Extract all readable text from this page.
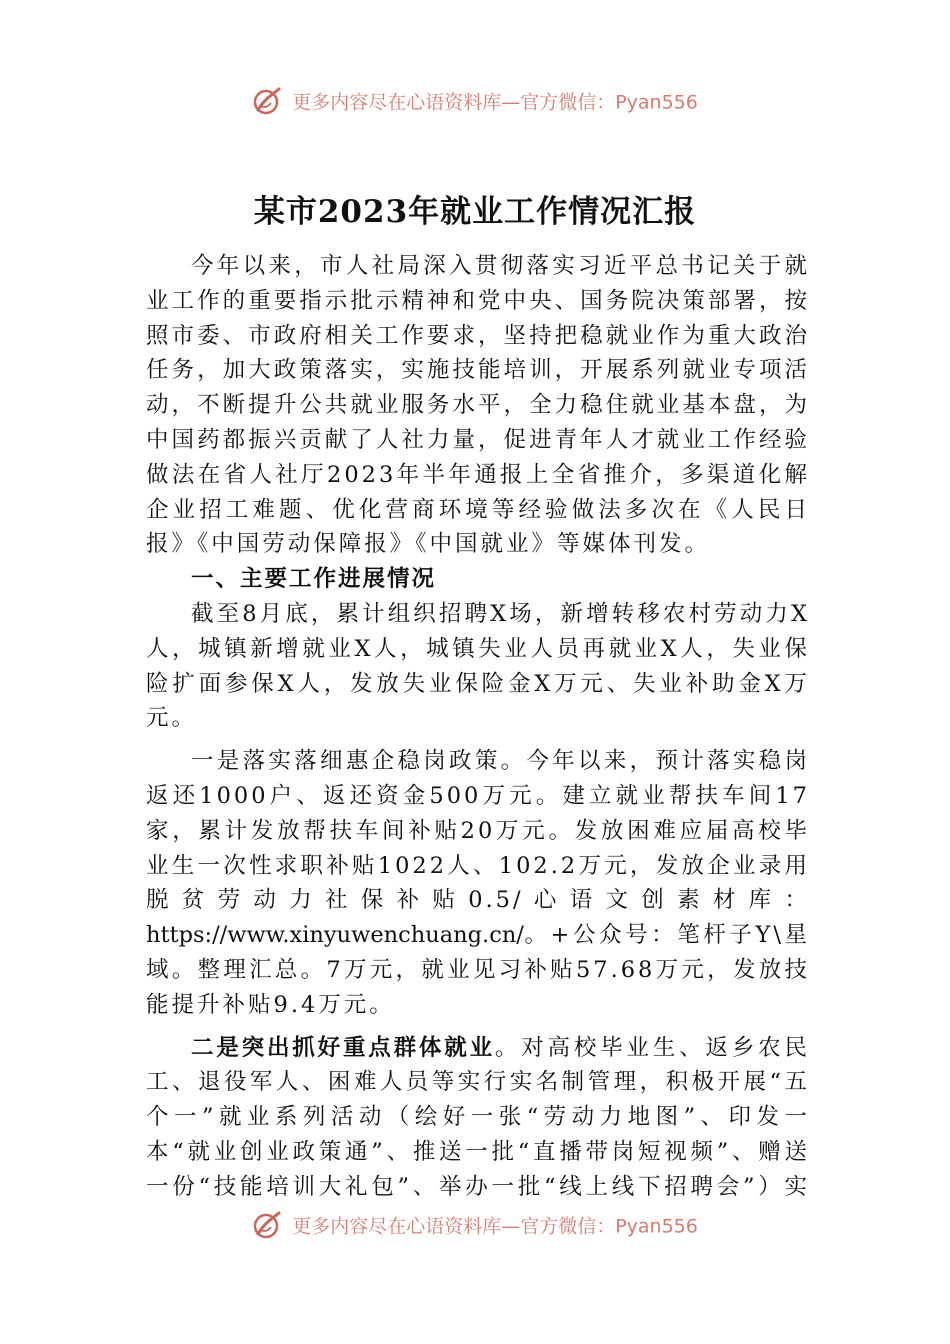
更多内容尽在心语资料库—官方微信：Pyan556
某市2023年就业工作情况汇报

今年以来，市人社局深入贯彻落实习近平总书记关于就业工作的重要指示批示精神和党中央、国务院决策部署，按照市委、市政府相关工作要求，坚持把稳就业作为重大政治任务，加大政策落实，实施技能培训，开展系列就业专项活动，不断提升公共就业服务水平，全力稳住就业基本盘，为中国药都振兴贡献了人社力量，促进青年人才就业工作经验做法在省人社厅2023年半年通报上全省推介，多渠道化解企业招工难题、优化营商环境等经验做法多次在《人民日报》《中国劳动保障报》《中国就业》等媒体刊发。

一、主要工作进展情况

截至8月底，累计组织招聘X场，新增转移农村劳动力X人，城镇新增就业X人，城镇失业人员再就业X人，失业保险扩面参保X人，发放失业保险金X万元、失业补助金X万元。

一是落实落细惠企稳岗政策。今年以来，预计落实稳岗返还1000户、返还资金500万元。建立就业帮扶车间17家，累计发放帮扶车间补贴20万元。发放困难应届高校毕业生一次性求职补贴1022人、102.2万元，发放企业录用脱贫劳动力社保补贴0.5/心语文创素材库：https://www.xinyuwenchuang.cn/。+公众号：笔杆子Y\星域。整理汇总。7万元，就业见习补贴57.68万元，发放技能提升补贴9.4万元。

二是突出抓好重点群体就业。对高校毕业生、返乡农民工、退役军人、困难人员等实行实名制管理，积极开展“五个一”就业系列活动（绘好一张“劳动力地图”、印发一本“就业创业政策通”、推送一批“直播带岗短视频”、赠送一份“技能培训大礼包”、举办一批“线上线下招聘会”）实

更多内容尽在心语资料库—官方微信：Pyan556
